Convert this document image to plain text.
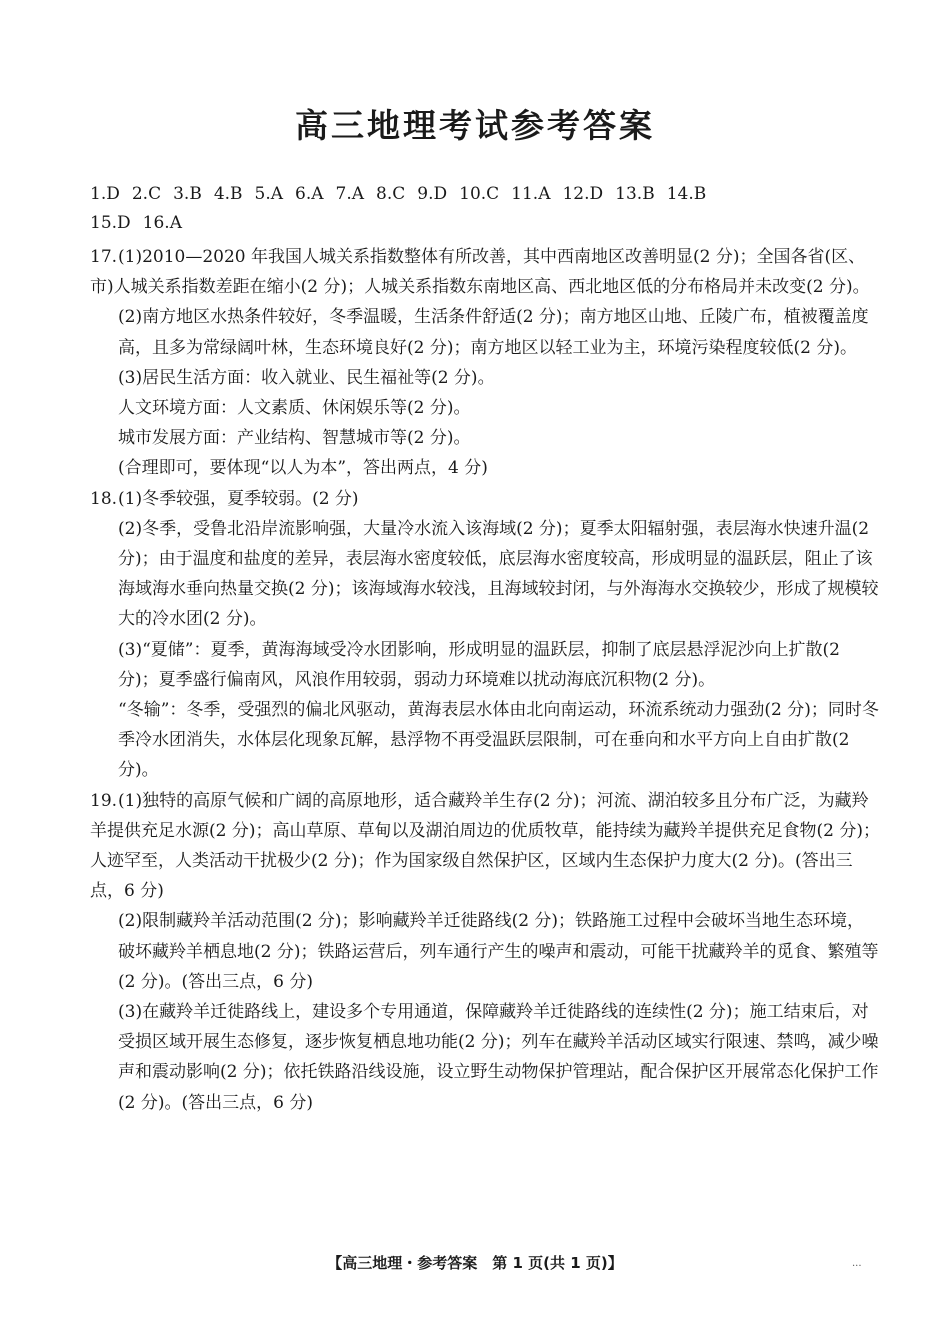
高三地理考试参考答案
1.D 2.C 3.B 4.B 5.A 6.A 7.A 8.C 9.D 10.C 11.A 12.D 13.B 14.B
15.D 16.A

17.(1)2010—2020 年我国人城关系指数整体有所改善，其中西南地区改善明显(2 分)；全国各省(区、市)人城关系指数差距在缩小(2 分)；人城关系指数东南地区高、西北地区低的分布格局并未改变(2 分)。

(2)南方地区水热条件较好，冬季温暖，生活条件舒适(2 分)；南方地区山地、丘陵广布，植被覆盖度高，且多为常绿阔叶林，生态环境良好(2 分)；南方地区以轻工业为主，环境污染程度较低(2 分)。

(3)居民生活方面：收入就业、民生福祉等(2 分)。

人文环境方面：人文素质、休闲娱乐等(2 分)。

城市发展方面：产业结构、智慧城市等(2 分)。

(合理即可，要体现“以人为本”，答出两点，4 分)

18.(1)冬季较强，夏季较弱。(2 分)

(2)冬季，受鲁北沿岸流影响强，大量冷水流入该海域(2 分)；夏季太阳辐射强，表层海水快速升温(2 分)；由于温度和盐度的差异，表层海水密度较低，底层海水密度较高，形成明显的温跃层，阻止了该海域海水垂向热量交换(2 分)；该海域海水较浅，且海域较封闭，与外海海水交换较少，形成了规模较大的冷水团(2 分)。

(3)“夏储”：夏季，黄海海域受冷水团影响，形成明显的温跃层，抑制了底层悬浮泥沙向上扩散(2 分)；夏季盛行偏南风，风浪作用较弱，弱动力环境难以扰动海底沉积物(2 分)。

“冬输”：冬季，受强烈的偏北风驱动，黄海表层水体由北向南运动，环流系统动力强劲(2 分)；同时冬季冷水团消失，水体层化现象瓦解，悬浮物不再受温跃层限制，可在垂向和水平方向上自由扩散(2 分)。

19.(1)独特的高原气候和广阔的高原地形，适合藏羚羊生存(2 分)；河流、湖泊较多且分布广泛，为藏羚羊提供充足水源(2 分)；高山草原、草甸以及湖泊周边的优质牧草，能持续为藏羚羊提供充足食物(2 分)；人迹罕至，人类活动干扰极少(2 分)；作为国家级自然保护区，区域内生态保护力度大(2 分)。(答出三点，6 分)

(2)限制藏羚羊活动范围(2 分)；影响藏羚羊迁徙路线(2 分)；铁路施工过程中会破坏当地生态环境，破坏藏羚羊栖息地(2 分)；铁路运营后，列车通行产生的噪声和震动，可能干扰藏羚羊的觅食、繁殖等(2 分)。(答出三点，6 分)

(3)在藏羚羊迁徙路线上，建设多个专用通道，保障藏羚羊迁徙路线的连续性(2 分)；施工结束后，对受损区域开展生态修复，逐步恢复栖息地功能(2 分)；列车在藏羚羊活动区域实行限速、禁鸣，减少噪声和震动影响(2 分)；依托铁路沿线设施，设立野生动物保护管理站，配合保护区开展常态化保护工作(2 分)。(答出三点，6 分)

【高三地理・参考答案　第 1 页(共 1 页)】	...
